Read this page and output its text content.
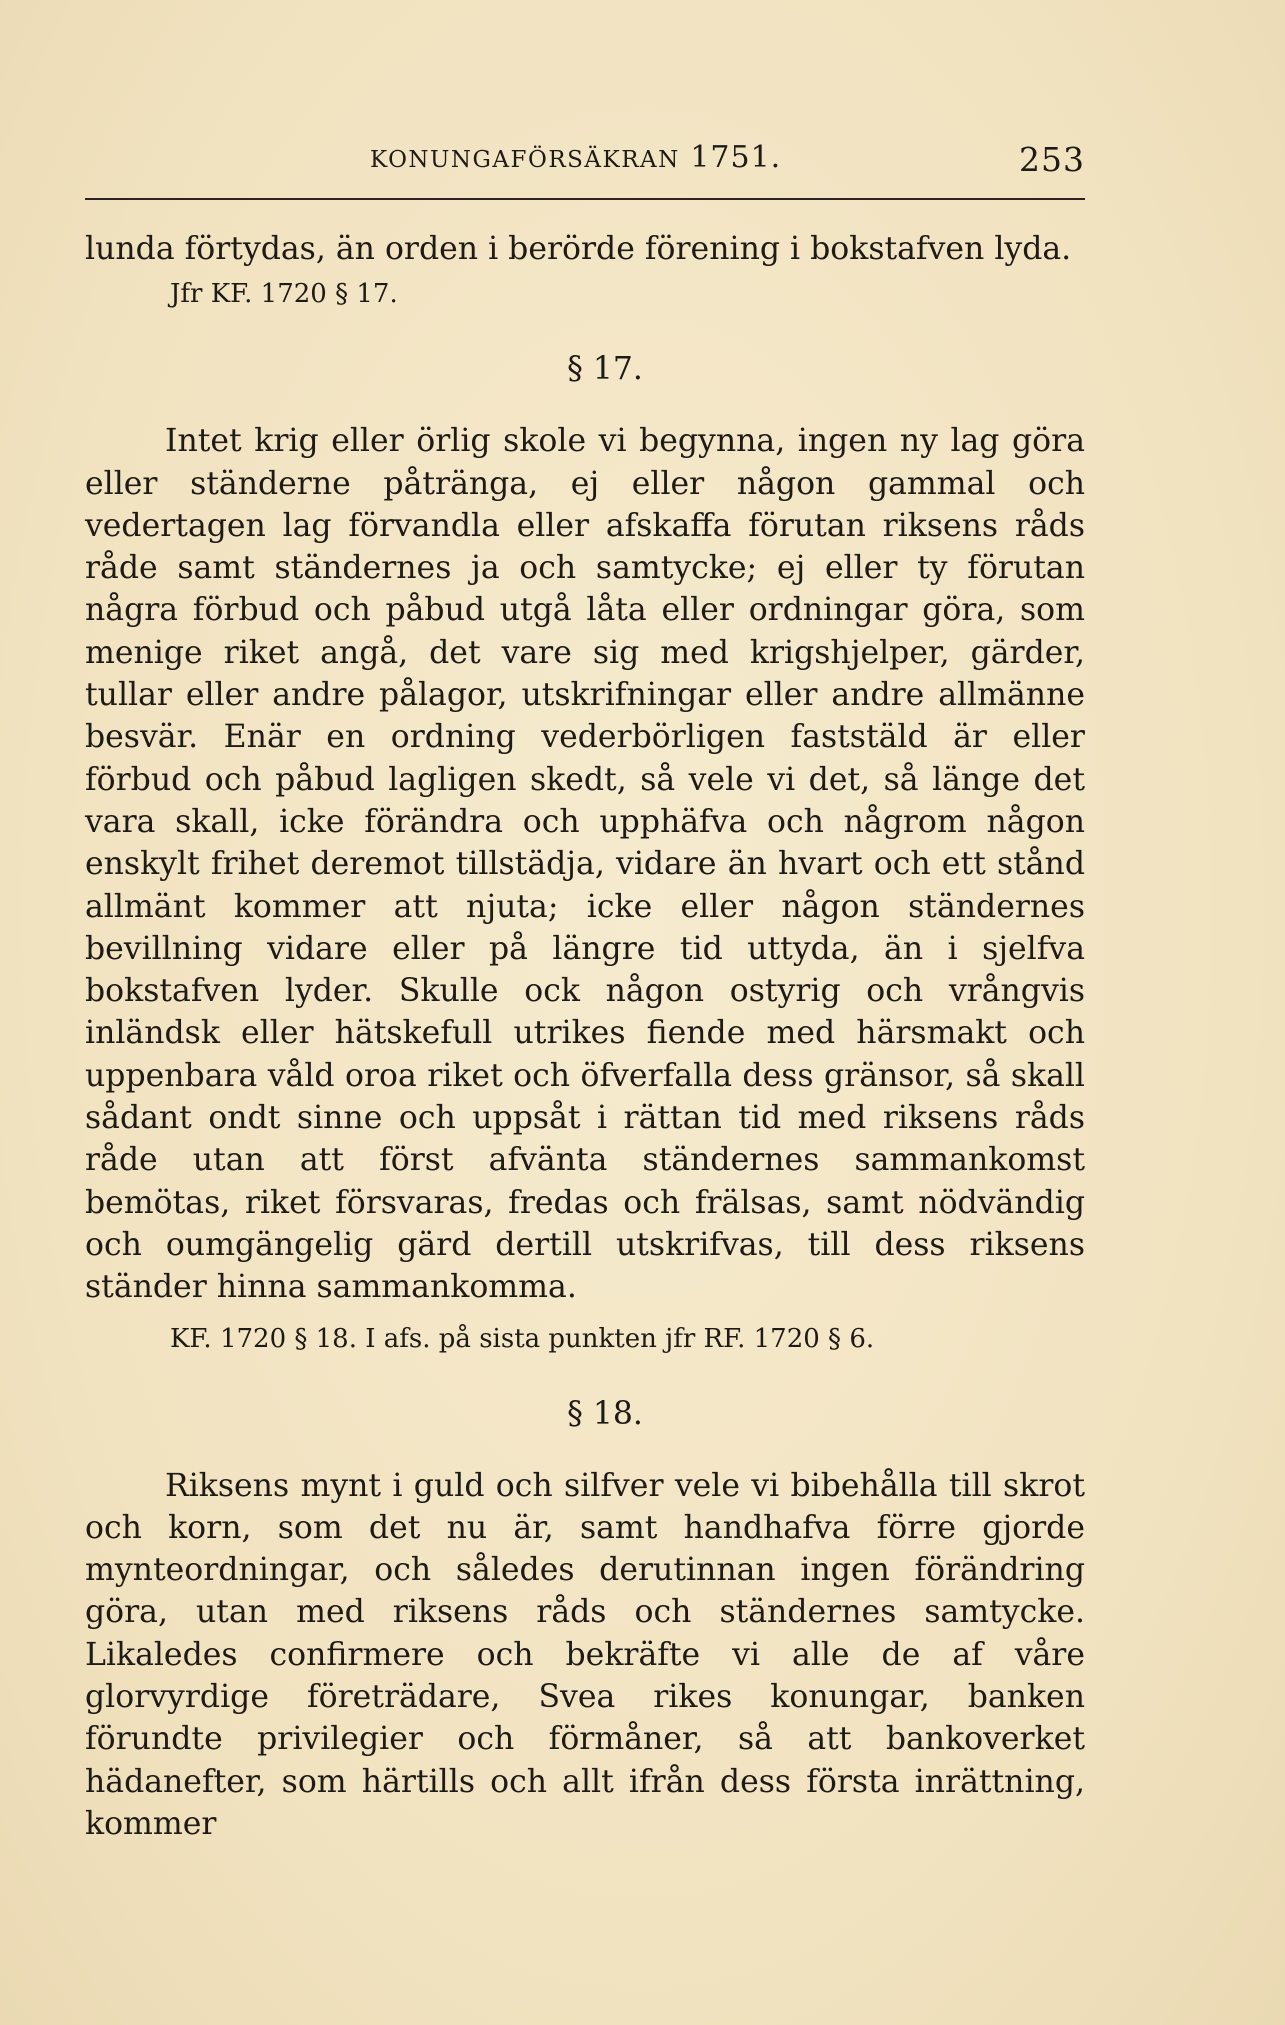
KONUNGAFÖRSÄKRAN 1751.	253

lunda förtydas, än orden i berörde förening i bokstafven lyda.

Jfr KF. 1720 § 17.

§ 17.

Intet krig eller örlig skole vi begynna, ingen ny lag göra eller ständerne påtränga, ej eller någon gammal och vedertagen lag förvandla eller afskaffa förutan riksens råds råde samt ständernes ja och samtycke; ej eller ty förutan några förbud och påbud utgå låta eller ordningar göra, som menige riket angå, det vare sig med krigshjelper, gärder, tullar eller andre pålagor, utskrifningar eller andre allmänne besvär. Enär en ordning vederbörligen faststäld är eller förbud och påbud lagligen skedt, så vele vi det, så länge det vara skall, icke förändra och upphäfva och någrom någon enskylt frihet deremot tillstädja, vidare än hvart och ett stånd allmänt kommer att njuta; icke eller någon ständernes bevillning vidare eller på längre tid uttyda, än i sjelfva bokstafven lyder. Skulle ock någon ostyrig och vrångvis inländsk eller hätskefull utrikes fiende med härsmakt och uppenbara våld oroa riket och öfverfalla dess gränsor, så skall sådant ondt sinne och uppsåt i rättan tid med riksens råds råde utan att först afvänta ständernes sammankomst bemötas, riket försvaras, fredas och frälsas, samt nödvändig och oumgängelig gärd dertill utskrifvas, till dess riksens ständer hinna sammankomma.

KF. 1720 § 18. I afs. på sista punkten jfr RF. 1720 § 6.

§ 18.

Riksens mynt i guld och silfver vele vi bibehålla till skrot och korn, som det nu är, samt handhafva förre gjorde mynteordningar, och således derutinnan ingen förändring göra, utan med riksens råds och ständernes samtycke. Likaledes confirmere och bekräfte vi alle de af våre glorvyrdige företrädare, Svea rikes konungar, banken förundte privilegier och förmåner, så att bankoverket hädanefter, som härtills och allt ifrån dess första inrättning, kommer
